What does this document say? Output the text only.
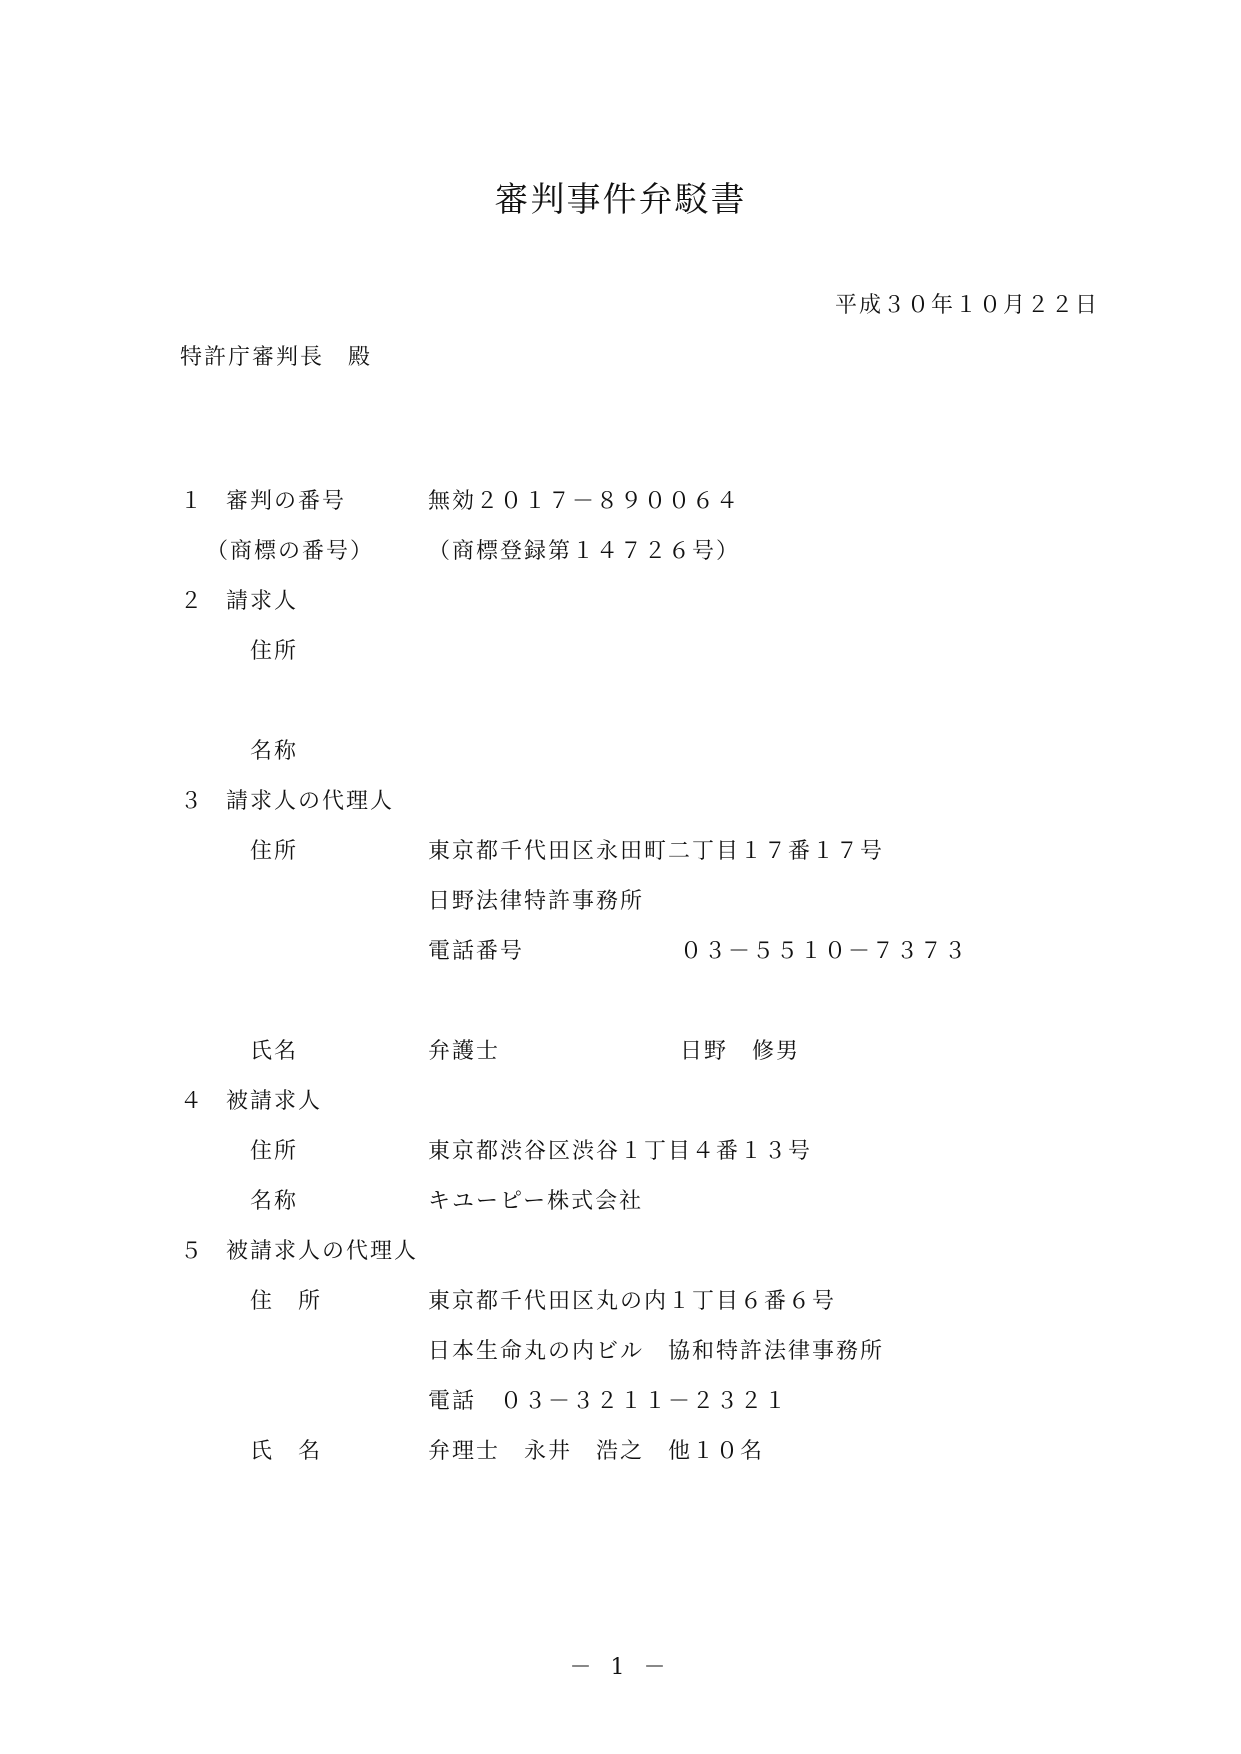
審判事件弁駁書
平成３０年１０月２２日
特許庁審判長　殿
１ 審判の番号	無効２０１７－８９００６４
（商標の番号） （商標登録第１４７２６号）
２ 請求人
住所
名称
３ 請求人の代理人
住所	東京都千代田区永田町二丁目１７番１７号
日野法律特許事務所
電話番号	０３－５５１０－７３７３
氏名	弁護士	日野　修男
４ 被請求人
住所	東京都渋谷区渋谷１丁目４番１３号
名称	キユーピー株式会社
５ 被請求人の代理人
住　所	東京都千代田区丸の内１丁目６番６号
日本生命丸の内ビル　協和特許法律事務所
電話　０３－３２１１－２３２１
氏　名	弁理士　永井　浩之　他１０名
－ 1 －
